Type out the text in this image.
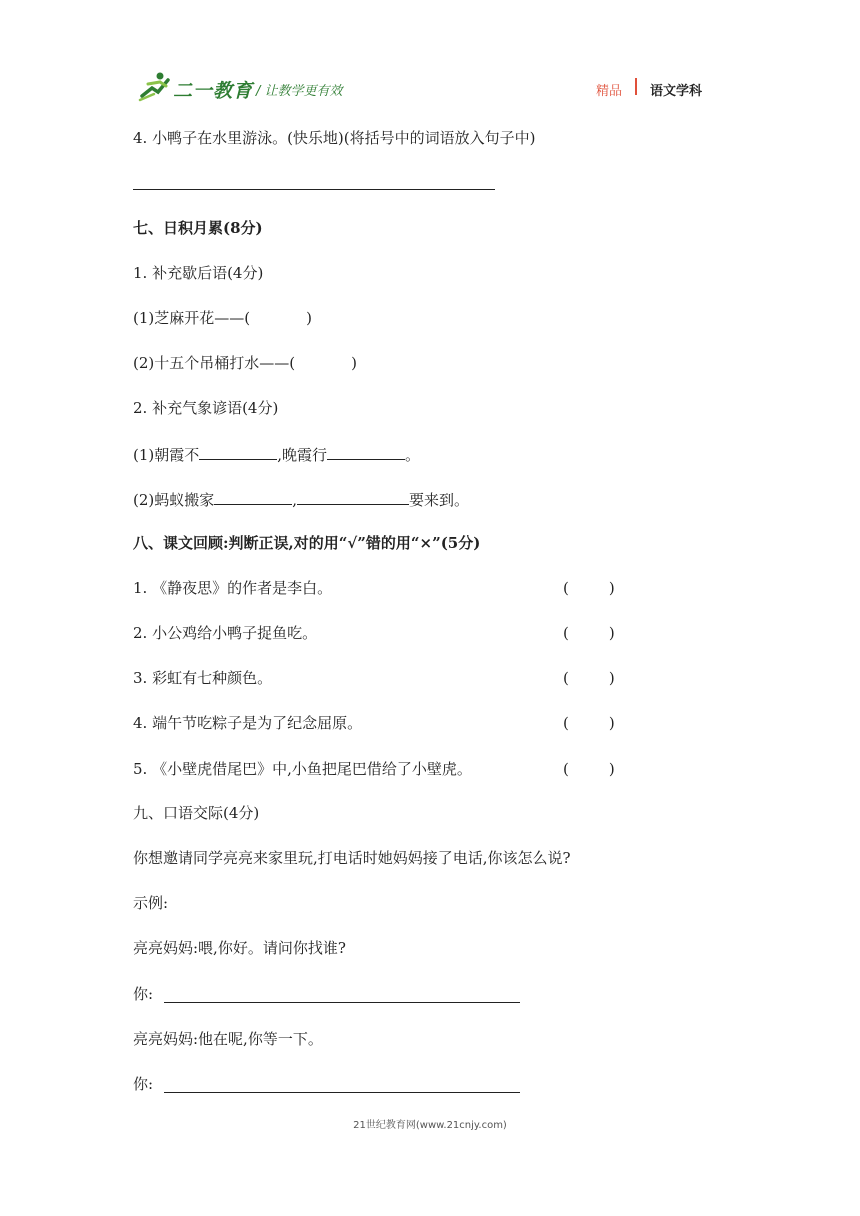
二一教育 / 让教学更有效	精品 语文学科
4. 小鸭子在水里游泳。(快乐地)(将括号中的词语放入句子中)
七、日积月累(8分)
1. 补充歇后语(4分)
(1)芝麻开花——(	)
(2)十五个吊桶打水——(	)
2. 补充气象谚语(4分)
(1)朝霞不	,晚霞行	。
(2)蚂蚁搬家	,	要来到。
八、课文回顾:判断正误,对的用“√”错的用“×”(5分)
1. 《静夜思》的作者是李白。	(	)
2. 小公鸡给小鸭子捉鱼吃。	(	)
3. 彩虹有七种颜色。	(	)
4. 端午节吃粽子是为了纪念屈原。	(	)
5. 《小壁虎借尾巴》中,小鱼把尾巴借给了小壁虎。	(	)
九、口语交际(4分)
你想邀请同学亮亮来家里玩,打电话时她妈妈接了电话,你该怎么说?
示例:
亮亮妈妈:喂,你好。请问你找谁?
你:
亮亮妈妈:他在呢,你等一下。
你:
21世纪教育网(www.21cnjy.com)
